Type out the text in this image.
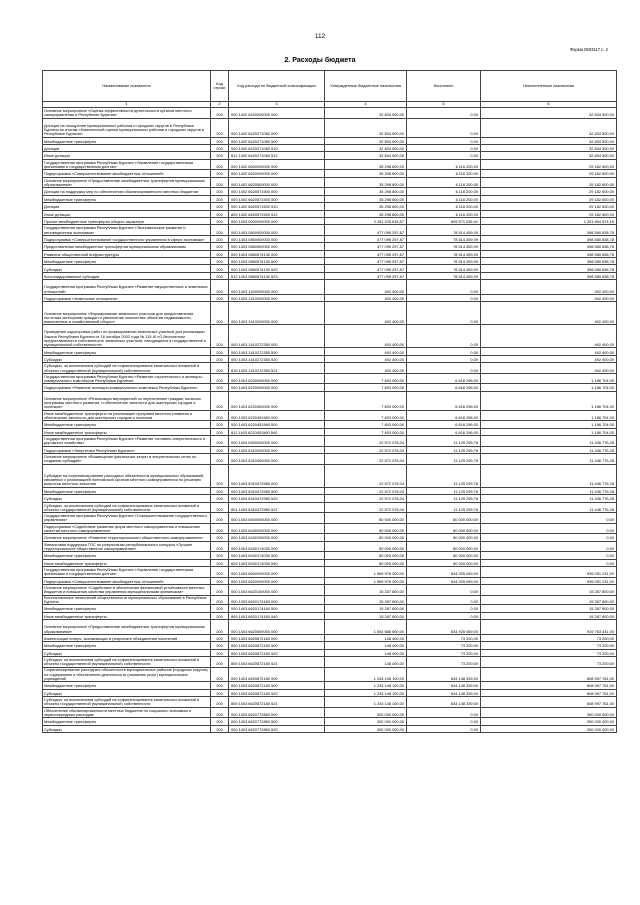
112
Форма 0503117 с. 2
2. Расходы бюджета
Наименование показателя	Код строки	Код расхода по бюджетной классификации	Утвержденные бюджетные назначения	Исполнено	Неисполненные назначения
1	2	3	4	5	6
Основное мероприятие «Оценка эффективности деятельности органов местного самоуправления в Республике Бурятия»	200	000 1402 6420200000 000	32 834 500,00	0,00	32 834 500,00
Дотация на поощрение муниципальных районов и городских округов в Республике Бурятия по итогам «Комплексной оценки муниципальных районов и городских округов в Республике Бурятия»	200	000 1402 6420271080 000	32 834 500,00	0,00	32 834 500,00
Межбюджетные трансферты	200	000 1402 6420271080 500	32 834 500,00	0,00	32 834 500,00
Дотации	200	000 1402 6420271080 510	32 834 500,00	0,00	32 834 500,00
Иные дотации	200	812 1402 6420271080 512	32 834 500,00	0,00	32 834 500,00
Государственная программа Республики Бурятия «Управление государственными финансами и государственным долгом»	200	000 1402 6600000000 000	35 298 800,00	6 116 200,00	29 182 600,00
Подпрограмма «Совершенствование межбюджетных отношений»	200	000 1402 6620000000 000	35 298 800,00	6 116 200,00	29 182 600,00
Основное мероприятие «Предоставление межбюджетных трансфертов муниципальным образованиям»	200	000 1402 6620500000 000	35 298 800,00	6 116 200,00	29 182 600,00
Дотации на поддержку мер по обеспечению сбалансированности местных бюджетов	200	000 1402 6620571500 000	35 298 800,00	6 116 200,00	29 182 600,00
Межбюджетные трансферты	200	000 1402 6620571500 500	35 298 800,00	6 116 200,00	29 182 600,00
Дотации	200	000 1402 6620571500 510	35 298 800,00	6 116 200,00	29 182 600,00
Иные дотации	200	809 1402 6620571500 512	35 298 800,00	6 116 200,00	29 182 600,00
Прочие межбюджетные трансферты общего характера	200	000 1403 0000000000 000	2 161 225 616,57	829 571 036,41	1 331 654 574,16
Государственная программа Республики Бурятия «Экономическое развитие и инновационная экономика»	200	000 1403 0800000000 000	477 095 297,87	78 514 459,09	398 580 838,78
Подпрограмма «Совершенствование государственного управления в сфере экономики»	200	000 1403 0860000000 000	477 095 297,87	78 514 459,09	398 580 838,78
Предоставление межбюджетных трансфертов муниципальным образованиям	200	000 1403 0860500000 000	477 095 297,87	78 514 459,09	398 580 838,78
Развитие общественной инфраструктуры	200	000 1403 0860574130 000	477 095 297,87	78 514 459,09	398 580 838,78
Межбюджетные трансферты	200	000 1403 0860574130 500	477 095 297,87	78 514 459,09	398 580 838,78
Субсидии	200	000 1403 0860574130 520	477 095 297,87	78 514 459,09	398 580 838,78
Консолидированные субсидии	200	812 1403 0860574130 523	477 095 297,87	78 514 459,09	398 580 838,78
Государственная программа Республики Бурятия «Развитие имущественных и земельных отношений»	200	000 1403 1400000000 000	492 400,00	0,00	492 400,00
Подпрограмма «Земельные отношения»	200	000 1403 1410000000 000	492 400,00	0,00	492 400,00
Основное мероприятие «Формирование земельных участков для предоставления льготным категориям граждан и увеличение количества объектов недвижимости, вовлеченных в хозяйственный оборот»	200	000 1403 1410200000 000	492 400,00	0,00	492 400,00
Проведение кадастровых работ по формированию земельных участков для реализации Закона Республики Бурятия от 16 октября 2002 года № 115-III «О бесплатном предоставлении в собственность земельных участков, находящихся в государственной и муниципальной собственности»	200	000 1403 1410272350 000	492 400,00	0,00	492 400,00
Межбюджетные трансферты	200	000 1403 1410272350 500	492 400,00	0,00	492 400,00
Субсидии	200	000 1403 1410272350 520	492 400,00	0,00	492 400,00
Субсидии, за исключением субсидий на софинансирование капитальных вложений в объекты государственной (муниципальной) собственности	200	816 1403 1410272350 521	492 400,00	0,00	492 400,00
Государственная программа Республики Бурятия «Развитие строительного и жилищно-коммунального комплексов Республики Бурятия»	200	000 1403 6200000000 000	7 803 000,00	6 616 296,00	1 186 704,00
Подпрограмма «Развитие жилищно-коммунального комплекса Республики Бурятия»	200	000 1403 6220000000 000	7 803 000,00	6 616 296,00	1 186 704,00
Основное мероприятие «Реализация мероприятий по переселению граждан, включая программы местного развития, и обеспечение занятости для шахтерских городов и поселков»	200	000 1403 6220400000 000	7 803 000,00	6 616 296,00	1 186 704,00
Иные межбюджетные трансферты на реализацию программ местного развития и обеспечение занятости для шахтерских городов и поселков	200	000 1403 6220451560 000	7 803 000,00	6 616 296,00	1 186 704,00
Межбюджетные трансферты	200	000 1403 6220451560 500	7 803 000,00	6 616 296,00	1 186 704,00
Иные межбюджетные трансферты	200	811 1403 6220451560 540	7 803 000,00	6 616 296,00	1 186 704,00
Государственная программа Республики Бурятия «Развитие топливно-энергетического и дорожного хозяйства»	200	000 1403 6300000000 000	22 572 076,04	11 125 299,76	11 446 776,28
Подпрограмма «Энергетика Республики Бурятия»	200	000 1403 6310000000 000	22 572 076,04	11 125 299,76	11 446 776,28
Основное мероприятие «Возмещение фактически затрат в энергетических сетях по созданию субсидий»	200	000 1403 6310400000 000	22 572 076,04	11 125 299,76	11 446 776,28
Субсидии на софинансирование расходных обязательств муниципальных образований, связанных с реализацией полномочий органов местного самоуправления по решению вопросов местного значения	200	000 1403 6310472980 000	22 572 076,04	11 125 299,76	11 446 776,28
Межбюджетные трансферты	200	000 1403 6310472980 500	22 572 076,04	11 125 299,76	11 446 776,28
Субсидии	200	000 1403 6310472980 520	22 572 076,04	11 125 299,76	11 446 776,28
Субсидии, за исключением субсидий на софинансирование капитальных вложений в объекты государственной (муниципальной) собственности	200	801 1403 6310472980 521	22 572 076,04	11 125 299,76	11 446 776,28
Государственная программа Республики Бурятия «Совершенствование государственного управления»	200	000 1403 6400000000 000	80 000 000,00	80 000 000,00	0,00
Подпрограмма «Содействие развитию форм местного самоуправления и повышению качества местного самоуправления»	200	000 1403 6430000000 000	80 000 000,00	80 000 000,00	0,00
Основное мероприятие «Развитие территориального общественного самоуправления»	200	000 1403 6430100000 000	80 000 000,00	80 000 000,00	0,00
Финансовая поддержка ТОС по результатам республиканского конкурса «Лучшее территориальное общественное самоуправление»	200	000 1403 6430174030 000	80 000 000,00	80 000 000,00	0,00
Межбюджетные трансферты	200	000 1403 6430174030 500	80 000 000,00	80 000 000,00	0,00
Иные межбюджетные трансферты	200	826 1403 6430174030 540	80 000 000,00	80 000 000,00	0,00
Государственная программа Республики Бурятия «Управление государственными финансами и государственным долгом»	200	000 1403 6600000000 000	1 569 976 300,00	634 925 069,00	935 051 231,00
Подпрограмма «Совершенствование межбюджетных отношений»	200	000 1403 6620000000 000	1 569 976 300,00	634 925 069,00	935 051 231,00
Основное мероприятие «Содействие в обеспечении финансовой устойчивости местных бюджетов и повышения качества управления муниципальными финансами»	200	000 1403 6620100000 000	15 287 800,00	0,00	15 287 800,00
Восстановление начислений общественности муниципальных образований в Республике Бурятия	200	000 1403 6620174160 000	15 287 800,00	0,00	15 287 800,00
Межбюджетные трансферты	200	000 1403 6620174160 500	15 287 800,00	0,00	15 287 800,00
Иные межбюджетные трансферты	200	809 1403 6620174160 540	15 287 800,00	0,00	15 287 800,00
Основное мероприятие «Предоставление межбюджетных трансфертов муниципальным образованиям»	200	000 1403 6620500000 000	1 554 688 500,00	634 925 069,00	919 763 431,00
Компенсация потерь, возникающих в результате объединения поселений	200	000 1403 6620672160 000	146 400,00	73 200,00	73 200,00
Межбюджетные трансферты	200	000 1403 6620672160 500	146 400,00	73 200,00	73 200,00
Субсидии	200	000 1403 6620672160 520	146 400,00	73 200,00	73 200,00
Субсидии, за исключением субсидий на софинансирование капитальных вложений в объекты государственной (муниципальной) собственности	200	809 1403 6620672160 521	146 400,00	73 200,00	73 200,00
Софинансирование расходных обязательств муниципальных районов (городских округов) по содержанию и обеспечению деятельности (оказанию услуг) муниципальных учреждений	200	000 1403 6620672180 000	1 243 146 100,00	634 148 339,00	608 997 761,00
Межбюджетные трансферты	200	000 1403 6620672180 500	1 243 146 100,00	634 148 339,00	608 997 761,00
Субсидии	200	000 1403 6620672180 520	1 243 146 100,00	634 148 339,00	608 997 761,00
Субсидии, за исключением субсидий на софинансирование капитальных вложений в объекты государственной (муниципальной) собственности	200	809 1403 6620672180 521	1 243 146 100,00	634 148 339,00	608 997 761,00
Обеспечение сбалансированности местных бюджетов по социально значимым и первоочередным расходам	200	000 1403 6620772860 000	300 000 000,00	0,00	300 000 000,00
Межбюджетные трансферты	200	000 1403 6620772860 500	300 000 000,00	0,00	300 000 000,00
Субсидии	200	000 1403 6620772860 520	300 000 000,00	0,00	300 000 000,00
